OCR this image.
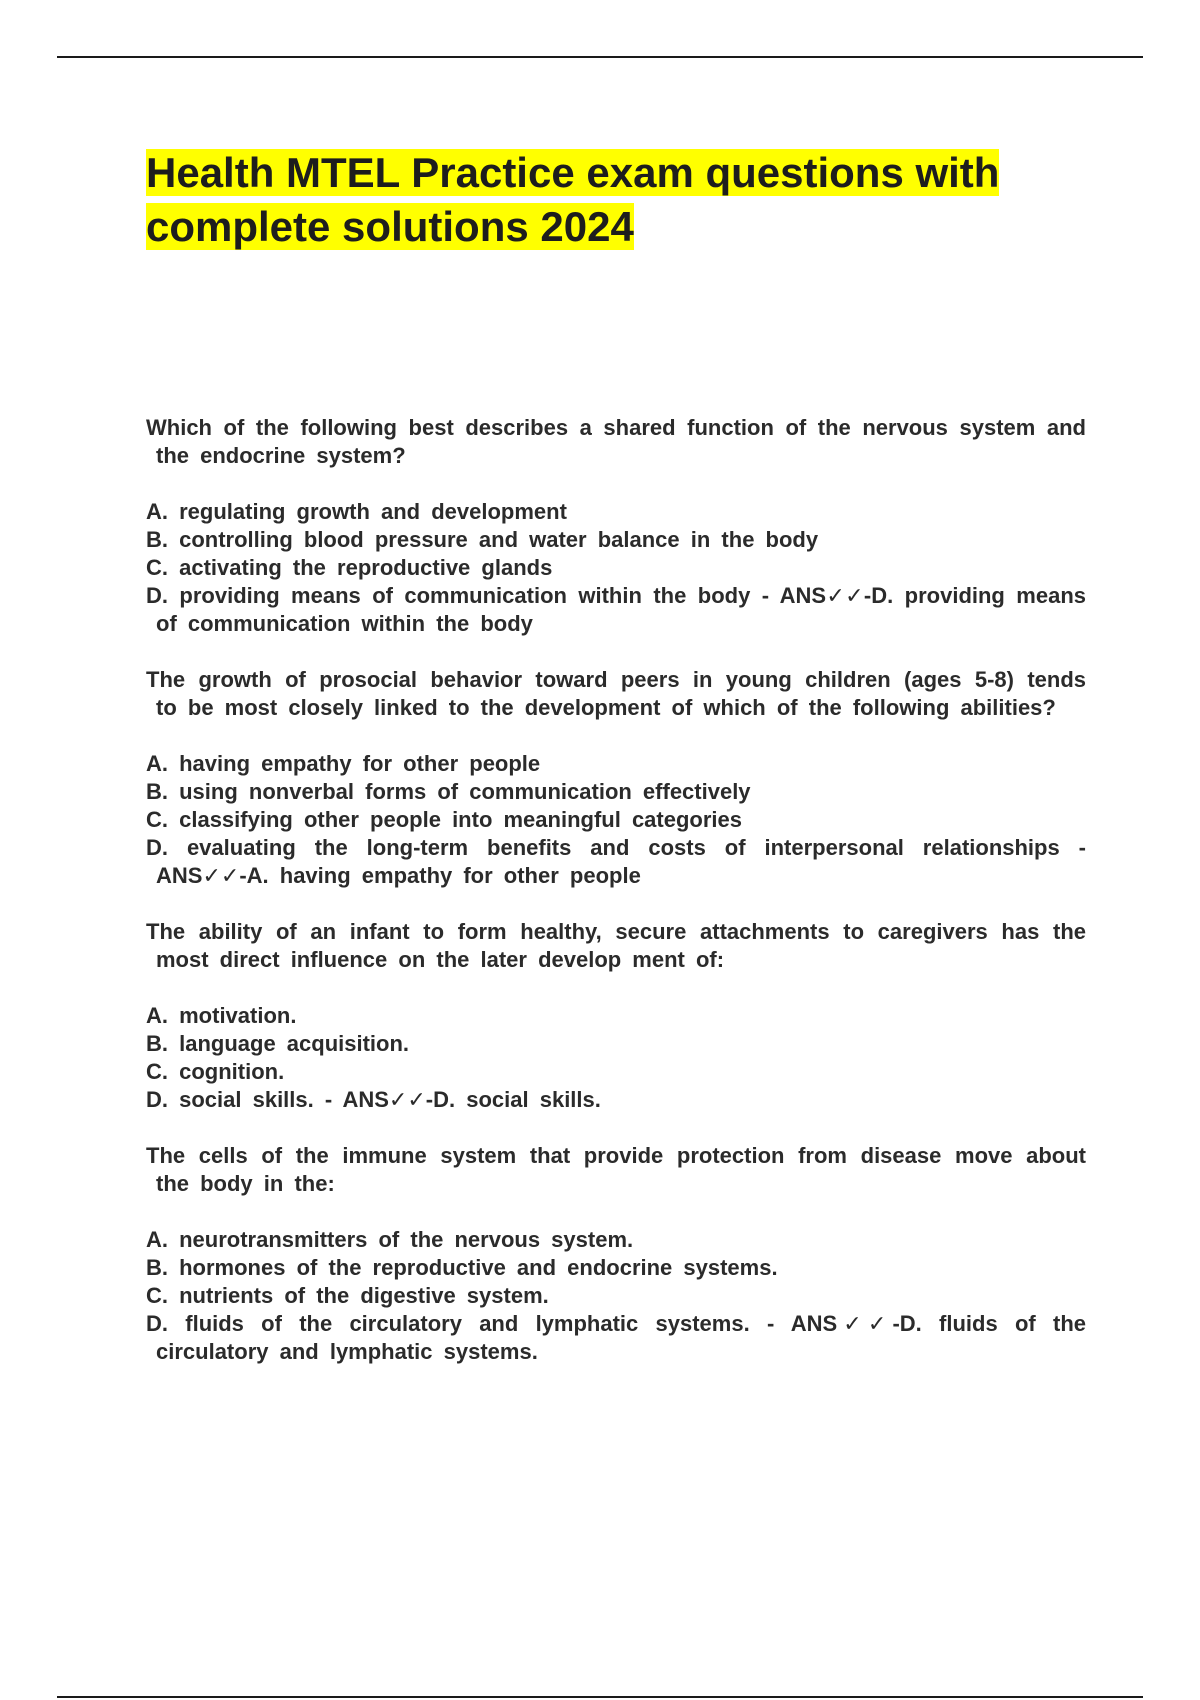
Health MTEL Practice exam questions with complete solutions 2024

Which of the following best describes a shared function of the nervous system and the endocrine system?

A. regulating growth and development
B. controlling blood pressure and water balance in the body
C. activating the reproductive glands
D. providing means of communication within the body - ANS✓✓-D. providing means of communication within the body

The growth of prosocial behavior toward peers in young children (ages 5-8) tends to be most closely linked to the development of which of the following abilities?

A. having empathy for other people
B. using nonverbal forms of communication effectively
C. classifying other people into meaningful categories
D. evaluating the long-term benefits and costs of interpersonal relationships - ANS✓✓-A. having empathy for other people

The ability of an infant to form healthy, secure attachments to caregivers has the most direct influence on the later develop ment of:

A. motivation.
B. language acquisition.
C. cognition.
D. social skills. - ANS✓✓-D. social skills.

The cells of the immune system that provide protection from disease move about the body in the:

A. neurotransmitters of the nervous system.
B. hormones of the reproductive and endocrine systems.
C. nutrients of the digestive system.
D. fluids of the circulatory and lymphatic systems. - ANS✓✓-D. fluids of the circulatory and lymphatic systems.
